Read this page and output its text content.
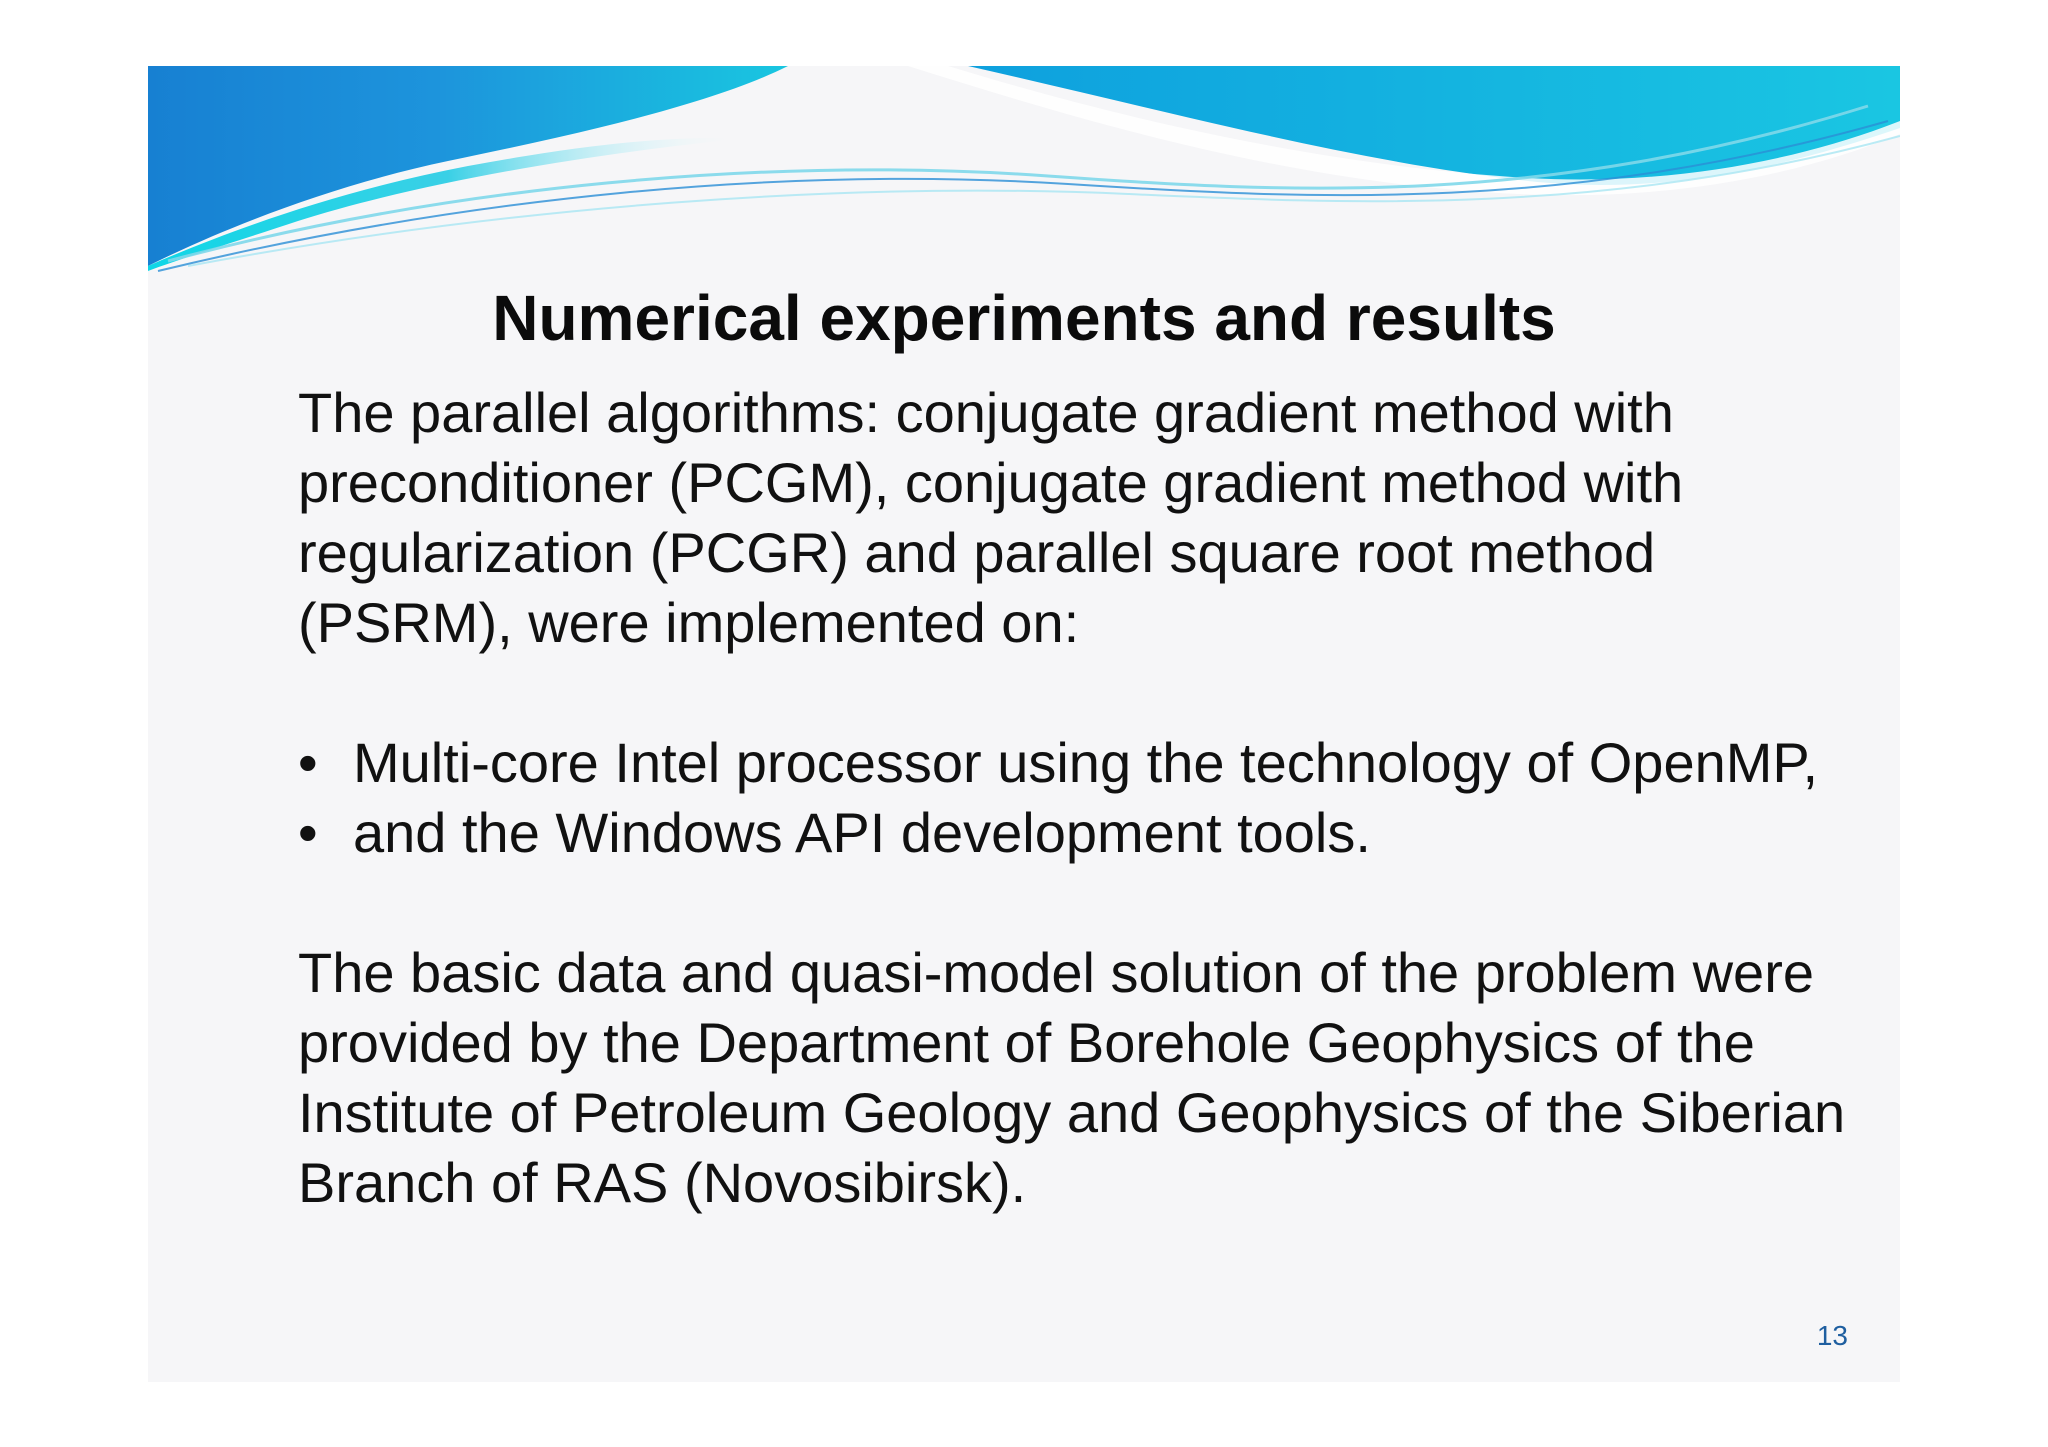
Numerical experiments and results

The parallel algorithms: conjugate gradient method with preconditioner (PCGM), conjugate gradient method with regularization (PCGR) and parallel square root method (PSRM), were implemented on:

• Multi-core Intel processor using the technology of OpenMP,
• and the Windows API development tools.

The basic data and quasi-model solution of the problem were provided by the Department of Borehole Geophysics of the Institute of Petroleum Geology and Geophysics of the Siberian Branch of RAS (Novosibirsk).

13
